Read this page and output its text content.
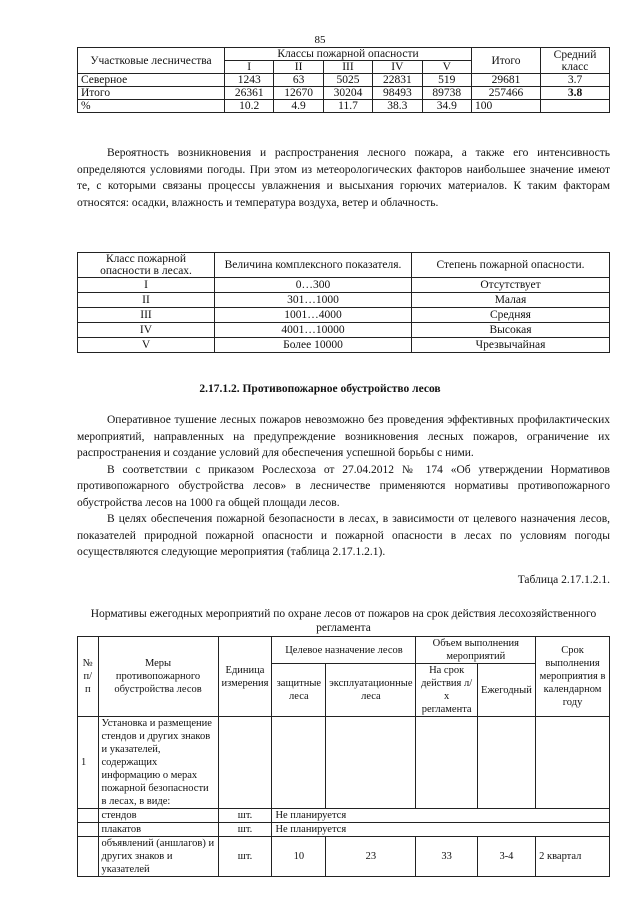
85
Участковые лесничества	Классы пожарной опасности					Итого	Средний класс
	I	II	III	IV	V		
Северное	1243	63	5025	22831	519	29681	3.7
Итого	26361	12670	30204	98493	89738	257466	3.8
%	10.2	4.9	11.7	38.3	34.9	100	

Вероятность возникновения и распространения лесного пожара, а также его интенсивность определяются условиями погоды. При этом из метеорологических факторов наибольшее значение имеют те, с которыми связаны процессы увлажнения и высыхания горючих материалов. К таким факторам относятся: осадки, влажность и температура воздуха, ветер и облачность.

Класс пожарной опасности в лесах.	Величина комплексного показателя.	Степень пожарной опасности.
I	0…300	Отсутствует
II	301…1000	Малая
III	1001…4000	Средняя
IV	4001…10000	Высокая
V	Более 10000	Чрезвычайная
2.17.1.2. Противопожарное обустройство лесов

Оперативное тушение лесных пожаров невозможно без проведения эффективных профилактических мероприятий, направленных на предупреждение возникновения лесных пожаров, ограничение их распространения и создание условий для обеспечения успешной борьбы с ними.

В соответствии с приказом Рослесхоза от 27.04.2012 № 174 «Об утверждении Нормативов противопожарного обустройства лесов» в лесничестве применяются нормативы противопожарного обустройства лесов на 1000 га общей площади лесов.

В целях обеспечения пожарной безопасности в лесах, в зависимости от целевого назначения лесов, показателей природной пожарной опасности и пожарной опасности в лесах по условиям погоды осуществляются следующие мероприятия (таблица 2.17.1.2.1).

Таблица 2.17.1.2.1.
Нормативы ежегодных мероприятий по охране лесов от пожаров на срок действия лесохозяйственного регламента
№ п/п	Меры противопожарного обустройства лесов	Единица измерения	Целевое назначение лесов		Объем выполнения мероприятий		Срок выполнения мероприятия в календарном году
			защитные леса	эксплуатационные леса	На срок действия л/х регламента	Ежегодный	
1	Установка и размещение стендов и других знаков и указателей, содержащих информацию о мерах пожарной безопасности в лесах, в виде:						
	стендов	шт.	Не планируется				
	плакатов	шт.	Не планируется				
	объявлений (аншлагов) и других знаков и указателей	шт.	10	23	33	3-4	2 квартал
